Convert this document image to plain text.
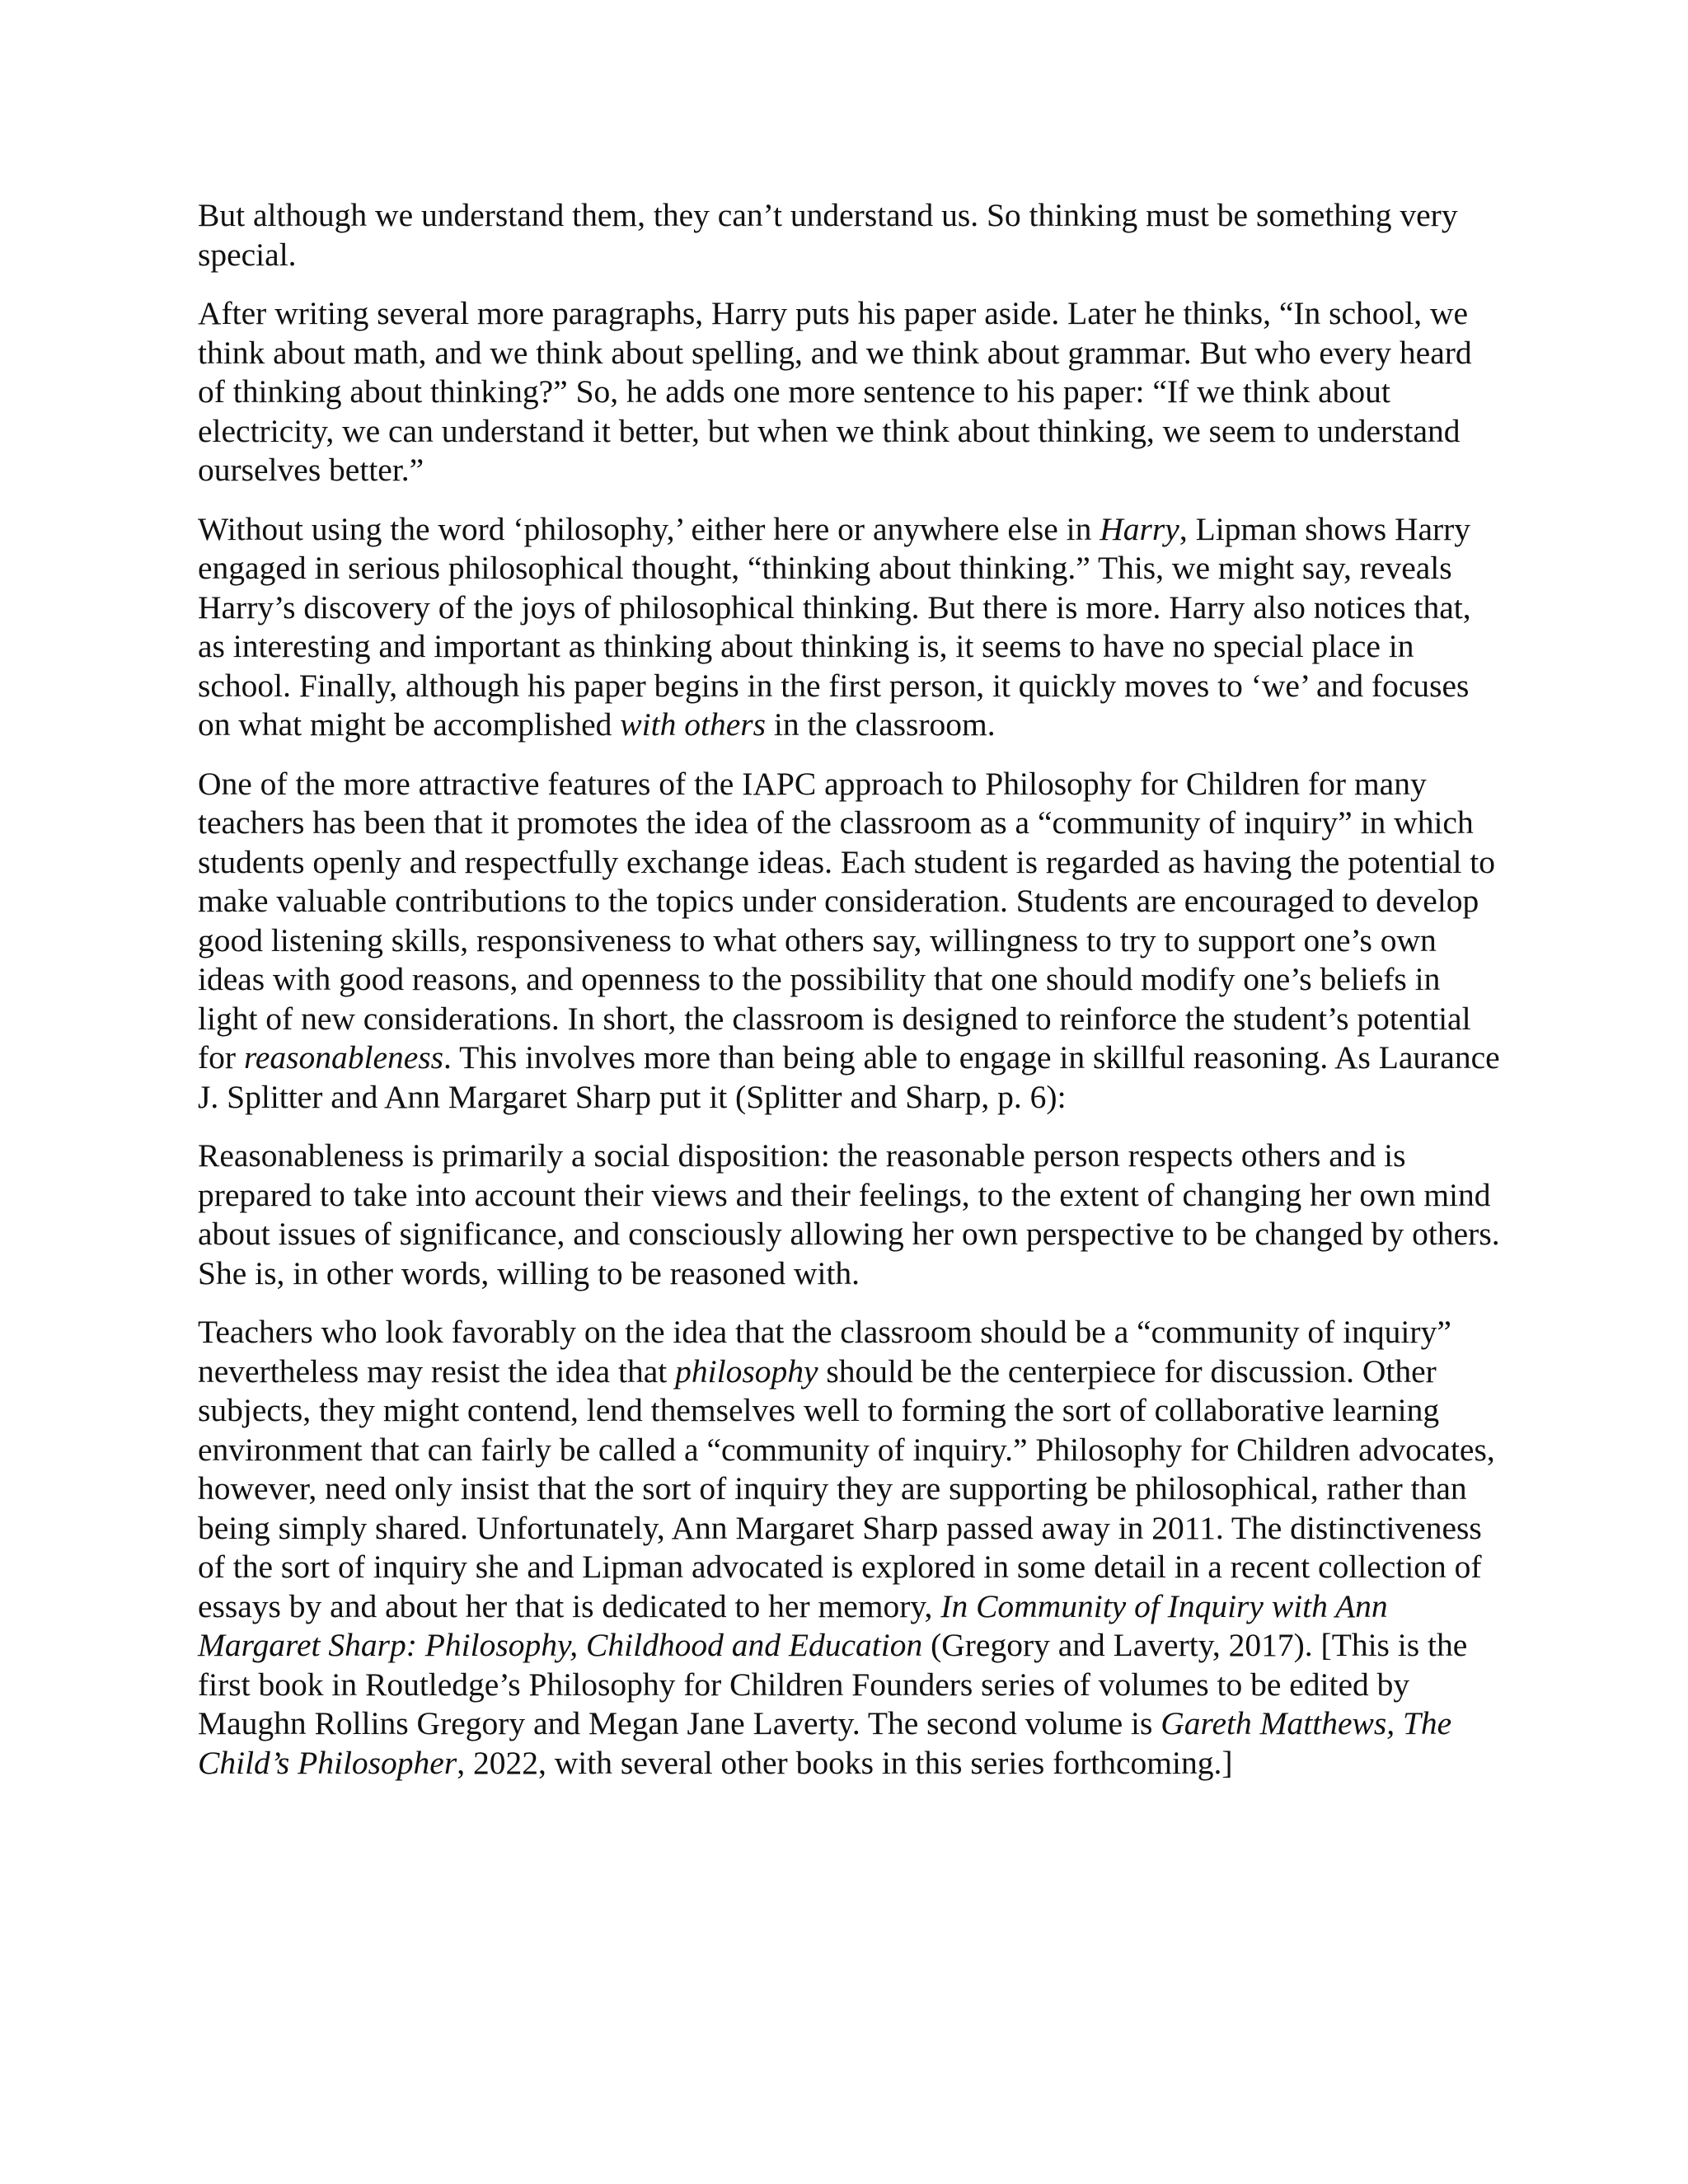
But although we understand them, they can’t understand us. So thinking must be something very special.

After writing several more paragraphs, Harry puts his paper aside. Later he thinks, “In school, we think about math, and we think about spelling, and we think about grammar. But who every heard of thinking about thinking?” So, he adds one more sentence to his paper: “If we think about electricity, we can understand it better, but when we think about thinking, we seem to understand ourselves better.”

Without using the word ‘philosophy,’ either here or anywhere else in Harry, Lipman shows Harry engaged in serious philosophical thought, “thinking about thinking.” This, we might say, reveals Harry’s discovery of the joys of philosophical thinking. But there is more. Harry also notices that, as interesting and important as thinking about thinking is, it seems to have no special place in school. Finally, although his paper begins in the first person, it quickly moves to ‘we’ and focuses on what might be accomplished with others in the classroom.

One of the more attractive features of the IAPC approach to Philosophy for Children for many teachers has been that it promotes the idea of the classroom as a “community of inquiry” in which students openly and respectfully exchange ideas. Each student is regarded as having the potential to make valuable contributions to the topics under consideration. Students are encouraged to develop good listening skills, responsiveness to what others say, willingness to try to support one’s own ideas with good reasons, and openness to the possibility that one should modify one’s beliefs in light of new considerations. In short, the classroom is designed to reinforce the student’s potential for reasonableness. This involves more than being able to engage in skillful reasoning. As Laurance J. Splitter and Ann Margaret Sharp put it (Splitter and Sharp, p. 6):

Reasonableness is primarily a social disposition: the reasonable person respects others and is prepared to take into account their views and their feelings, to the extent of changing her own mind about issues of significance, and consciously allowing her own perspective to be changed by others. She is, in other words, willing to be reasoned with.

Teachers who look favorably on the idea that the classroom should be a “community of inquiry” nevertheless may resist the idea that philosophy should be the centerpiece for discussion. Other subjects, they might contend, lend themselves well to forming the sort of collaborative learning environment that can fairly be called a “community of inquiry.” Philosophy for Children advocates, however, need only insist that the sort of inquiry they are supporting be philosophical, rather than being simply shared. Unfortunately, Ann Margaret Sharp passed away in 2011. The distinctiveness of the sort of inquiry she and Lipman advocated is explored in some detail in a recent collection of essays by and about her that is dedicated to her memory, In Community of Inquiry with Ann Margaret Sharp: Philosophy, Childhood and Education (Gregory and Laverty, 2017). [This is the first book in Routledge’s Philosophy for Children Founders series of volumes to be edited by Maughn Rollins Gregory and Megan Jane Laverty. The second volume is Gareth Matthews, The Child’s Philosopher, 2022, with several other books in this series forthcoming.]
